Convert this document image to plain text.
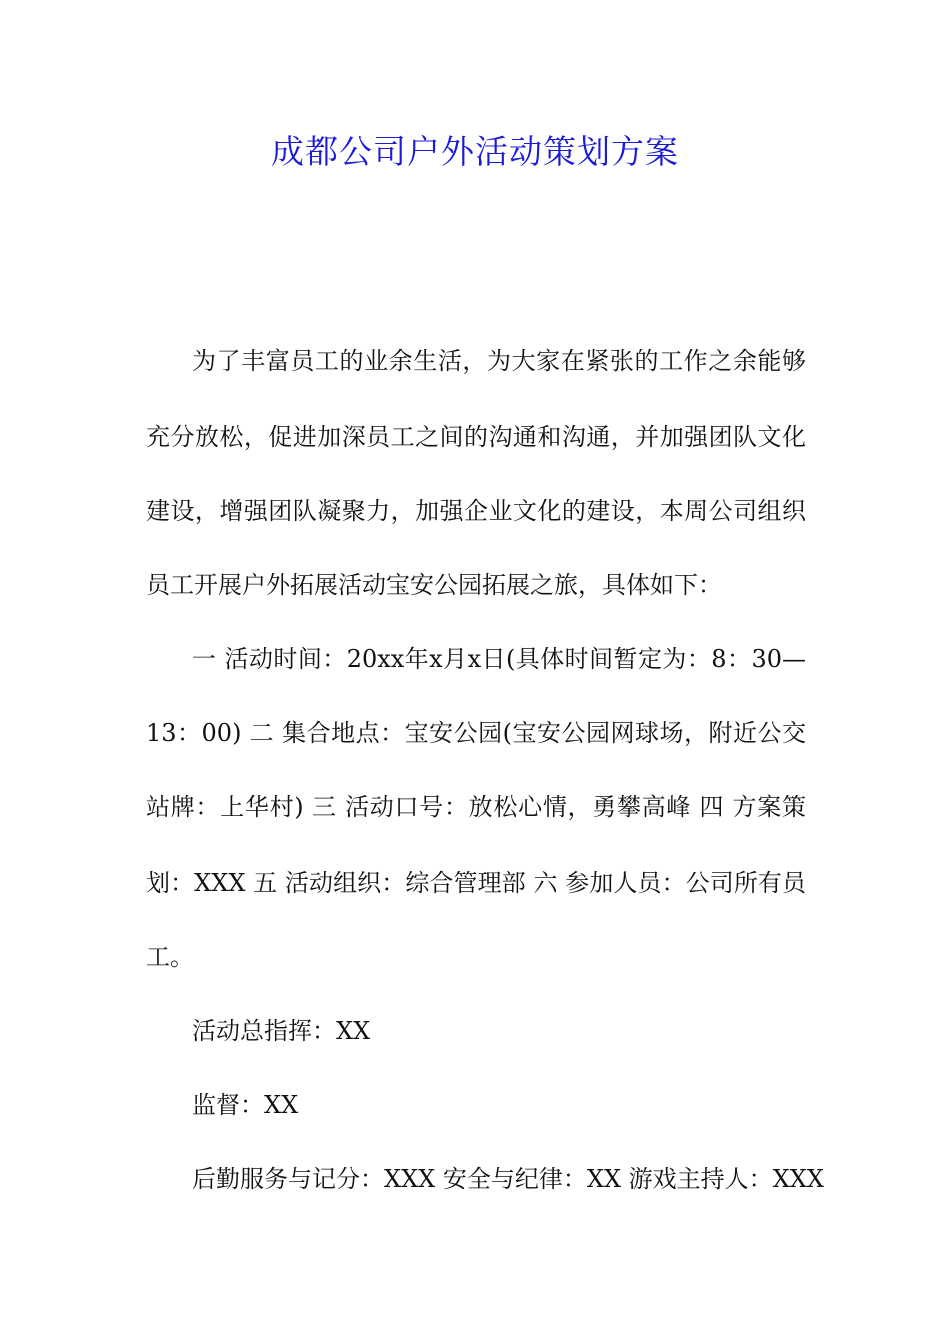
成都公司户外活动策划方案
为了丰富员工的业余生活，为大家在紧张的工作之余能够
充分放松，促进加深员工之间的沟通和沟通，并加强团队文化
建设，增强团队凝聚力，加强企业文化的建设，本周公司组织
员工开展户外拓展活动宝安公园拓展之旅，具体如下：
一 活动时间：20xx年x月x日(具体时间暂定为：8：30—
13：00) 二 集合地点：宝安公园(宝安公园网球场，附近公交
站牌：上华村) 三 活动口号：放松心情，勇攀高峰 四 方案策
划：XXX 五 活动组织：综合管理部 六 参加人员：公司所有员
工。
活动总指挥：XX
监督：XX
后勤服务与记分：XXX 安全与纪律：XX 游戏主持人：XXX
